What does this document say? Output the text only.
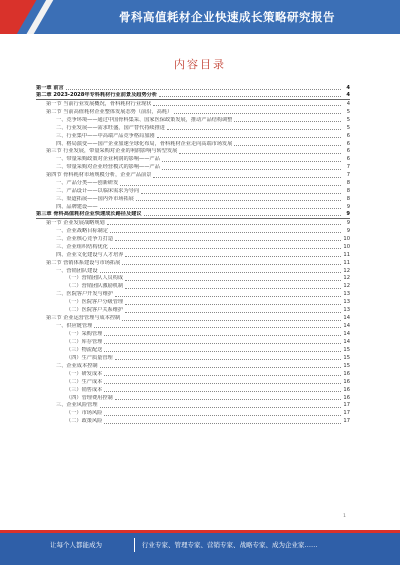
骨科高值耗材企业快速成长策略研究报告
内容目录
第一章 前言	4
第二章 2023-2028年专科耗材行业前景及趋势分析	4
第一节 当前行业发展概况，骨科耗材行业现状	4
第二节 当前高值耗材企业整体发展态势（前沿，高耗）	5
一、竞争环境——通过中国骨科集采、国家医保政策发展，推动产品结构调整	5
二、行业发展——需求旺盛，国产替代持续推进	5
三、行业集中——中高端产品竞争格局加剧	6
四、格局演变——国产企业加速全球化布局，骨科耗材企业走向高端市场发展	6
第三节 行业发展，带量采购对企业的利润影响与转型发展	6
一、带量采购政策对企业利润的影响——产品	6
二、带量采购对企业经营模式的影响——产品	7
第四节 骨科耗材市场规模分析，企业产品前景	7
一、产品分类——创新研发	8
二、产品设计——以临床需求为导向	8
三、渠道拓展——国内外市场拓展	8
四、品牌建设——	9
第三章 骨科高值耗材企业快速成长路径及建议	9
第一节 企业发展战略规划	9
一、企业战略目标制定	9
二、企业核心竞争力打造	10
三、企业组织结构优化	10
四、企业文化建设与人才培养	11
第二节 营销体系建设与市场拓展	11
一、营销团队建设	12
（一）营销团队人员构成	12
（二）营销团队激励机制	12
二、医院客户开发与维护	13
（一）医院客户分级管理	13
（二）医院客户关系维护	13
第三节 企业运营管理与成本控制	14
一、供应链管理	14
（一）采购管理	14
（二）库存管理	14
（三）物流配送	15
（四）生产质量管理	15
二、企业成本控制	15
（一）研发成本	16
（二）生产成本	16
（三）销售成本	16
（四）管理费用控制	16
三、企业风险管理	17
（一）市场风险	17
（二）政策风险	17
1
让每个人都能成为	行业专家、管理专家、营销专家、战略专家、成为企业家……
